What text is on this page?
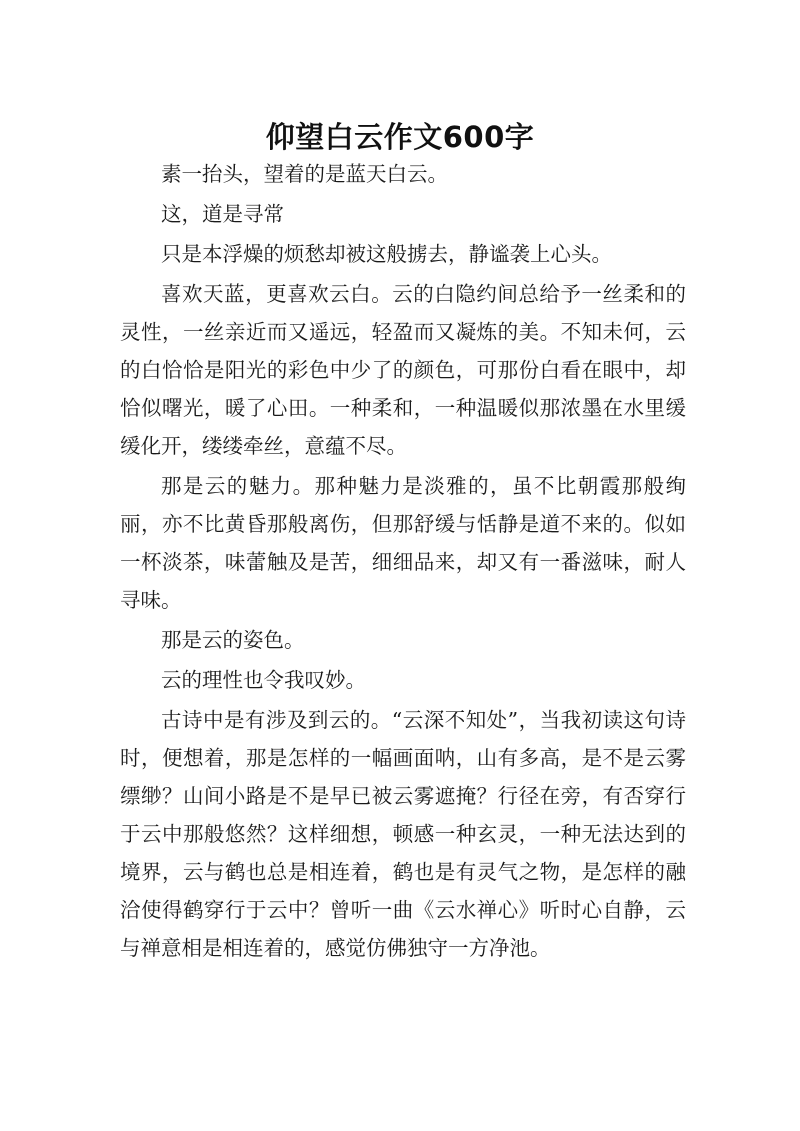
仰望白云作文600字

素一抬头，望着的是蓝天白云。

这，道是寻常

只是本浮燥的烦愁却被这般掳去，静谧袭上心头。

喜欢天蓝，更喜欢云白。云的白隐约间总给予一丝柔和的灵性，一丝亲近而又遥远，轻盈而又凝炼的美。不知未何，云的白恰恰是阳光的彩色中少了的颜色，可那份白看在眼中，却恰似曙光，暖了心田。一种柔和，一种温暖似那浓墨在水里缓缓化开，缕缕牵丝，意蕴不尽。

那是云的魅力。那种魅力是淡雅的，虽不比朝霞那般绚丽，亦不比黄昏那般离伤，但那舒缓与恬静是道不来的。似如一杯淡茶，味蕾触及是苦，细细品来，却又有一番滋味，耐人寻味。

那是云的姿色。

云的理性也令我叹妙。

古诗中是有涉及到云的。“云深不知处”，当我初读这句诗时，便想着，那是怎样的一幅画面呐，山有多高，是不是云雾缥缈？山间小路是不是早已被云雾遮掩？行径在旁，有否穿行于云中那般悠然？这样细想，顿感一种玄灵，一种无法达到的境界，云与鹤也总是相连着，鹤也是有灵气之物，是怎样的融洽使得鹤穿行于云中？曾听一曲《云水禅心》听时心自静，云与禅意相是相连着的，感觉仿佛独守一方净池。
